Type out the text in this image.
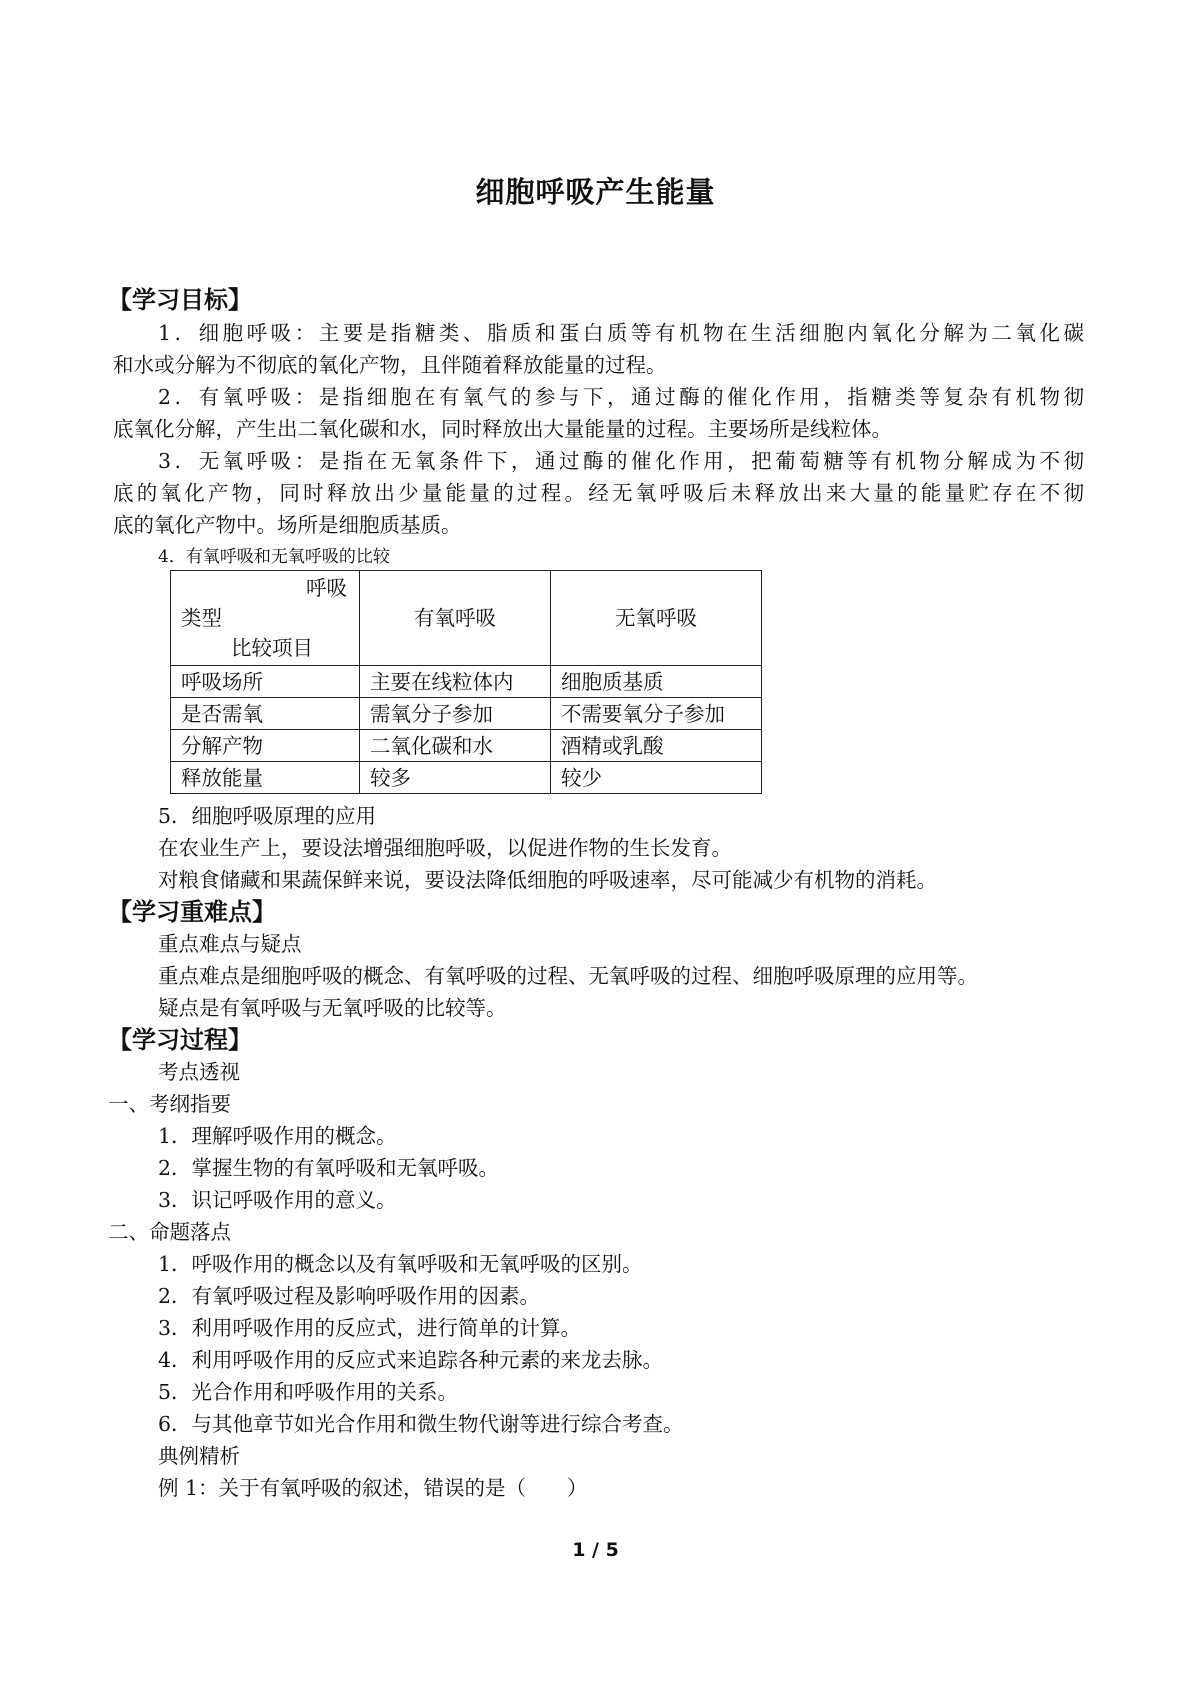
细胞呼吸产生能量
【学习目标】
1．细胞呼吸：主要是指糖类、脂质和蛋白质等有机物在生活细胞内氧化分解为二氧化碳
和水或分解为不彻底的氧化产物，且伴随着释放能量的过程。
2．有氧呼吸：是指细胞在有氧气的参与下，通过酶的催化作用，指糖类等复杂有机物彻
底氧化分解，产生出二氧化碳和水，同时释放出大量能量的过程。主要场所是线粒体。
3．无氧呼吸：是指在无氧条件下，通过酶的催化作用，把葡萄糖等有机物分解成为不彻
底的氧化产物，同时释放出少量能量的过程。经无氧呼吸后未释放出来大量的能量贮存在不彻
底的氧化产物中。场所是细胞质基质。
4．有氧呼吸和无氧呼吸的比较
呼吸
类型
比较项目	有氧呼吸	无氧呼吸
呼吸场所	主要在线粒体内	细胞质基质
是否需氧	需氧分子参加	不需要氧分子参加
分解产物	二氧化碳和水	酒精或乳酸
释放能量	较多	较少
5．细胞呼吸原理的应用
在农业生产上，要设法增强细胞呼吸，以促进作物的生长发育。
对粮食储藏和果蔬保鲜来说，要设法降低细胞的呼吸速率，尽可能减少有机物的消耗。
【学习重难点】
重点难点与疑点
重点难点是细胞呼吸的概念、有氧呼吸的过程、无氧呼吸的过程、细胞呼吸原理的应用等。
疑点是有氧呼吸与无氧呼吸的比较等。
【学习过程】
考点透视
一、考纲指要
1．理解呼吸作用的概念。
2．掌握生物的有氧呼吸和无氧呼吸。
3．识记呼吸作用的意义。
二、命题落点
1．呼吸作用的概念以及有氧呼吸和无氧呼吸的区别。
2．有氧呼吸过程及影响呼吸作用的因素。
3．利用呼吸作用的反应式，进行简单的计算。
4．利用呼吸作用的反应式来追踪各种元素的来龙去脉。
5．光合作用和呼吸作用的关系。
6．与其他章节如光合作用和微生物代谢等进行综合考查。
典例精析
例 1：关于有氧呼吸的叙述，错误的是（　　）
1 / 5
